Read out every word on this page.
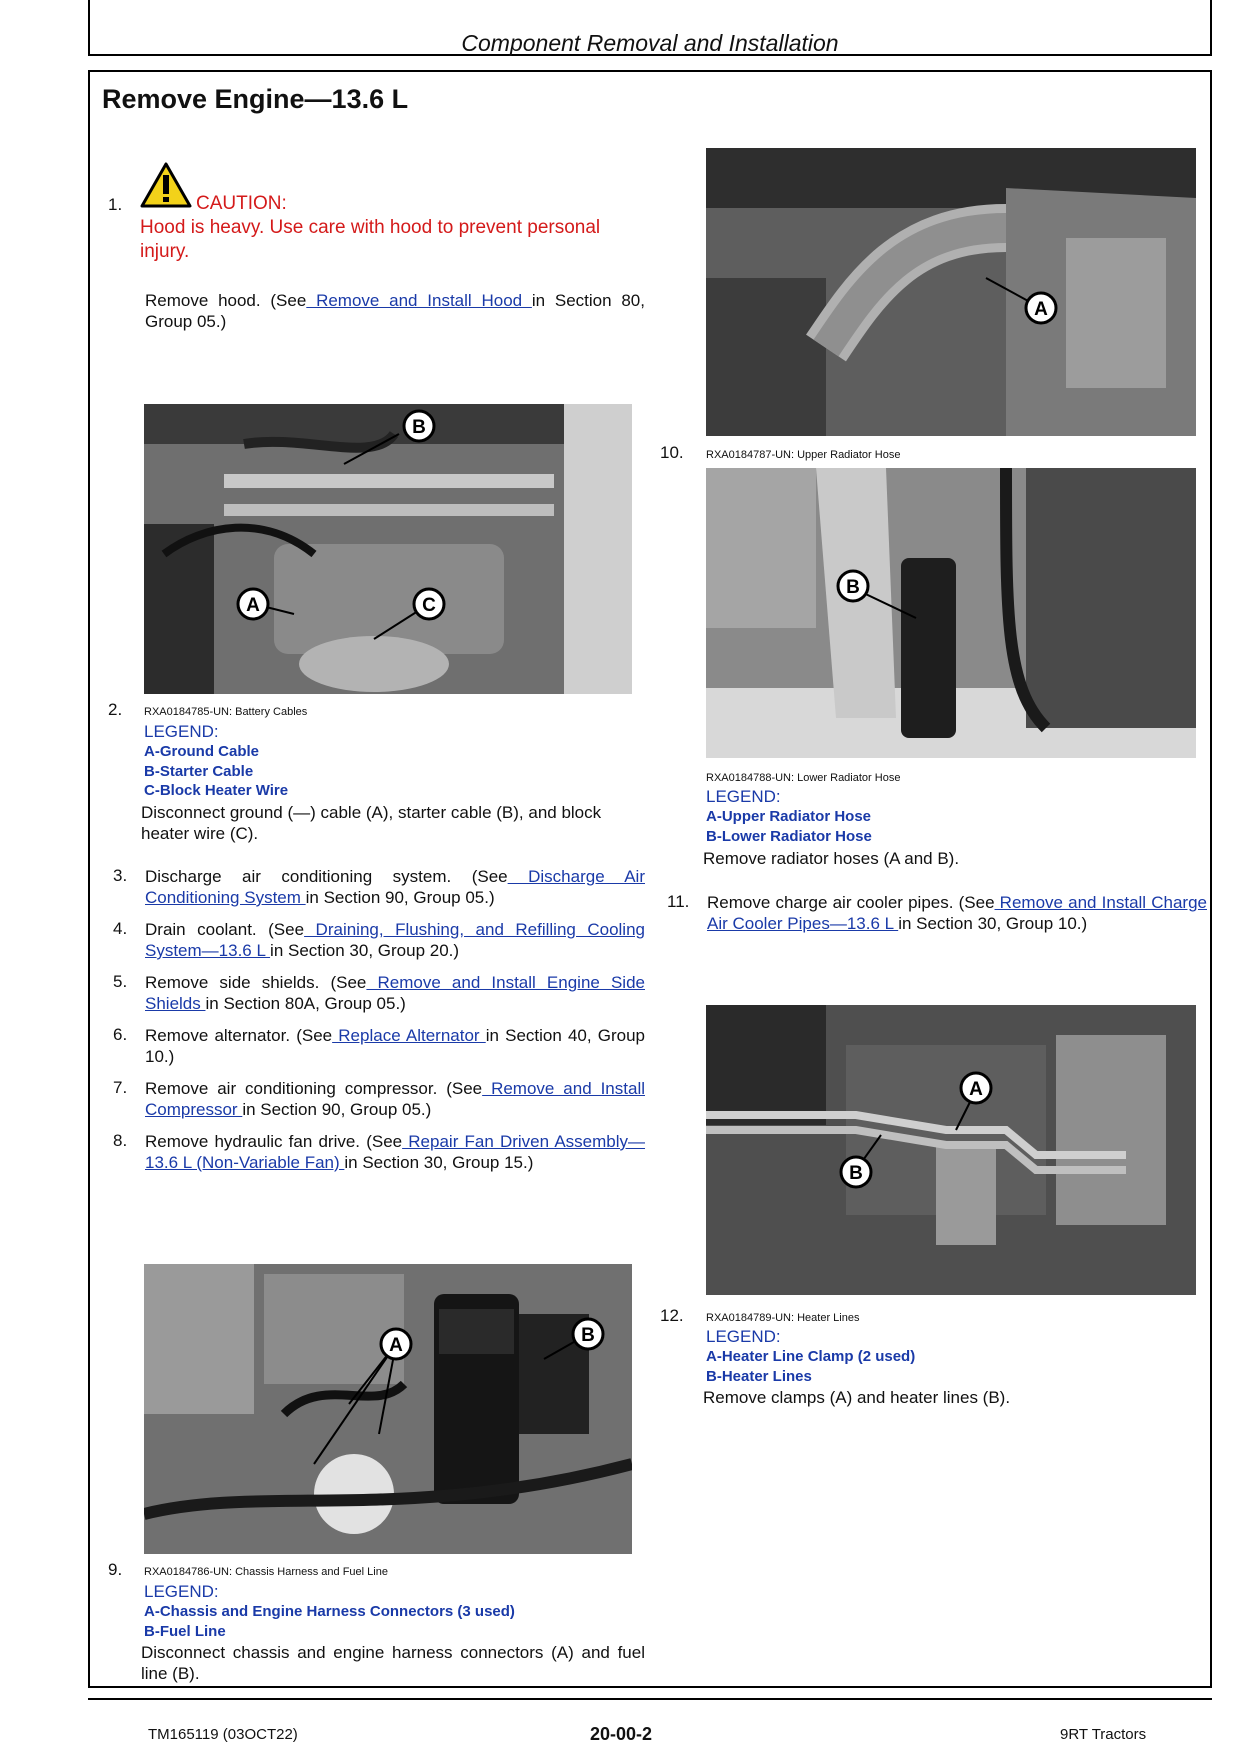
Component Removal and Installation
Remove Engine—13.6 L
1.	CAUTION:
Hood is heavy. Use care with hood to prevent personal injury.
Remove hood. (See Remove and Install Hood in Section 80, Group 05.)
A
B
C
2. RXA0184785-UN: Battery Cables
LEGEND:
A-Ground Cable
B-Starter Cable
C-Block Heater Wire
Disconnect ground (—) cable (A), starter cable (B), and block heater wire (C).
3. Discharge air conditioning system. (See Discharge Air Conditioning System in Section 90, Group 05.)
4. Drain coolant. (See Draining, Flushing, and Refilling Cooling System—13.6 L in Section 30, Group 20.)
5. Remove side shields. (See Remove and Install Engine Side Shields in Section 80A, Group 05.)
6. Remove alternator. (See Replace Alternator in Section 40, Group 10.)
7. Remove air conditioning compressor. (See Remove and Install Compressor in Section 90, Group 05.)
8. Remove hydraulic fan drive. (See Repair Fan Driven Assembly—13.6 L (Non-Variable Fan) in Section 30, Group 15.)
A	B
9. RXA0184786-UN: Chassis Harness and Fuel Line
LEGEND:
A-Chassis and Engine Harness Connectors (3 used)
B-Fuel Line
Disconnect chassis and engine harness connectors (A) and fuel line (B).
A
10. RXA0184787-UN: Upper Radiator Hose
B
RXA0184788-UN: Lower Radiator Hose
LEGEND:
A-Upper Radiator Hose
B-Lower Radiator Hose
Remove radiator hoses (A and B).
11. Remove charge air cooler pipes. (See Remove and Install Charge Air Cooler Pipes—13.6 L in Section 30, Group 10.)
A
B
12. RXA0184789-UN: Heater Lines
LEGEND:
A-Heater Line Clamp (2 used)
B-Heater Lines
Remove clamps (A) and heater lines (B).
TM165119 (03OCT22)	20-00-2	9RT Tractors
